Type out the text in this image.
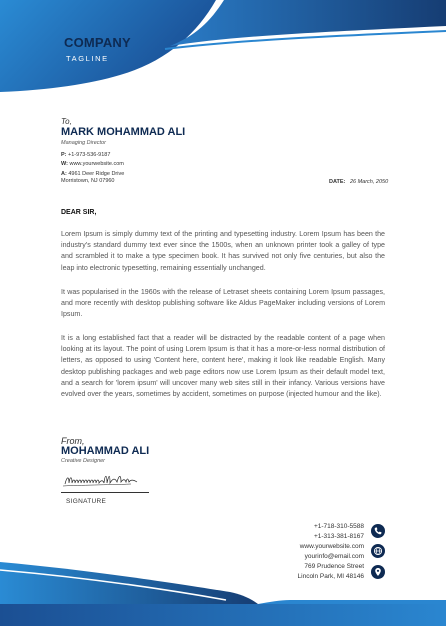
COMPANY
TAGLINE
To,
MARK MOHAMMAD ALI
Managing Director
P: +1-973-536-9187
W: www.yourwebsite.com
A: 4961 Deer Ridge Drive
Morristown, NJ 07960	DATE: 26 March, 2050
DEAR SIR,

Lorem Ipsum is simply dummy text of the printing and typesetting industry. Lorem Ipsum has been the industry's standard dummy text ever since the 1500s, when an unknown printer took a galley of type and scrambled it to make a type specimen book. It has survived not only five centuries, but also the leap into electronic typesetting, remaining essentially unchanged.

It was popularised in the 1960s with the release of Letraset sheets containing Lorem Ipsum passages, and more recently with desktop publishing software like Aldus PageMaker including versions of Lorem Ipsum.

It is a long established fact that a reader will be distracted by the readable content of a page when looking at its layout. The point of using Lorem Ipsum is that it has a more-or-less normal distribution of letters, as opposed to using 'Content here, content here', making it look like readable English. Many desktop publishing packages and web page editors now use Lorem Ipsum as their default model text, and a search for 'lorem ipsum' will uncover many web sites still in their infancy. Various versions have evolved over the years, sometimes by accident, sometimes on purpose (injected humour and the like).

From,
MOHAMMAD ALI
Creative Designer
SIGNATURE
+1-718-310-5588
+1-313-381-8167
www.yourwebsite.com
yourinfo@email.com
769 Prudence Street
Lincoln Park, MI 48146
